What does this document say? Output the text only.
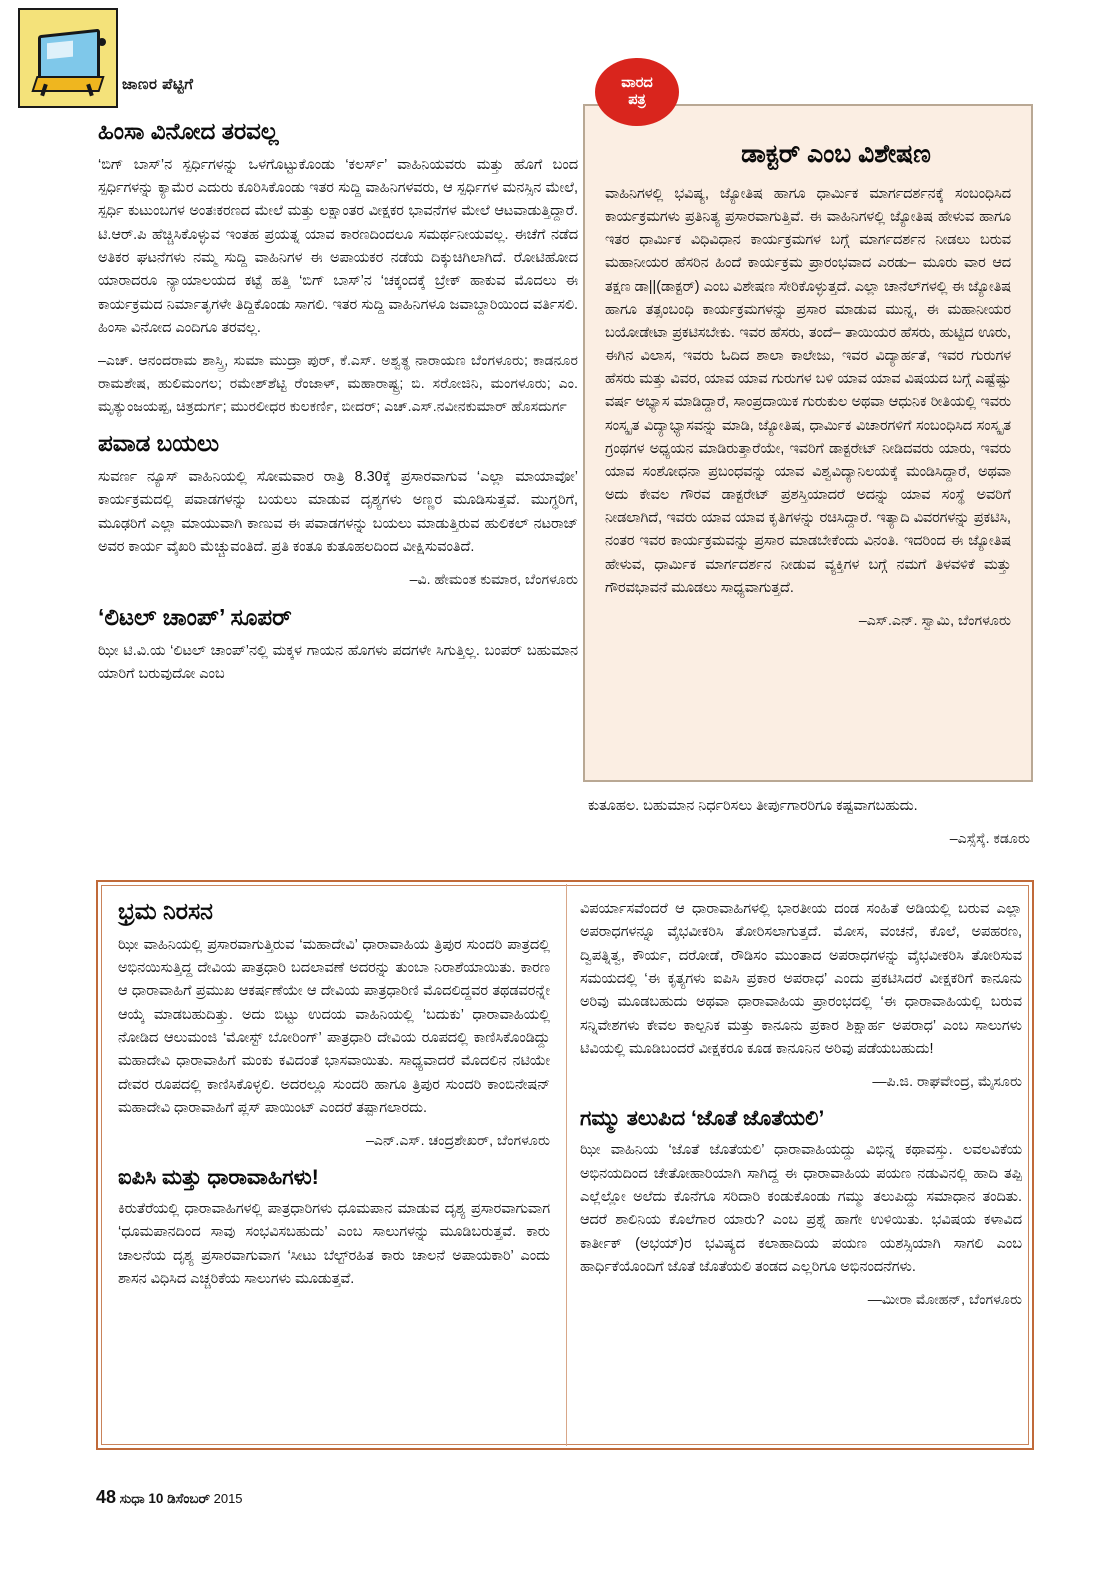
ಜಾಣರ ಪೆಟ್ಟಿಗೆ
ಹಿಂಸಾ ವಿನೋದ ತರವಲ್ಲ

‘ಬಿಗ್ ಬಾಸ್’ನ ಸ್ಪರ್ಧಿಗಳನ್ನು ಒಳಗೊಟ್ಟುಕೊಂಡು ‘ಕಲರ್ಸ್’ ವಾಹಿನಿಯವರು ಮತ್ತು ಹೊಗೆ ಬಂದ ಸ್ಪರ್ಧಿಗಳನ್ನು ಕ್ಯಾಮೆರ ಎದುರು ಕೂರಿಸಿಕೊಂಡು ಇತರ ಸುದ್ದಿ ವಾಹಿನಿಗಳವರು, ಆ ಸ್ಪರ್ಧಿಗಳ ಮನಸ್ಸಿನ ಮೇಲೆ, ಸ್ಪರ್ಧಿ ಕುಟುಂಬಗಳ ಅಂತಃಕರಣದ ಮೇಲೆ ಮತ್ತು ಲಕ್ಷಾಂತರ ವೀಕ್ಷಕರ ಭಾವನೆಗಳ ಮೇಲೆ ಆಟವಾಡುತ್ತಿದ್ದಾರೆ. ಟಿ.ಆರ್.ಪಿ ಹೆಚ್ಚಿಸಿಕೊಳ್ಳುವ ಇಂತಹ ಪ್ರಯತ್ನ ಯಾವ ಕಾರಣದಿಂದಲೂ ಸಮರ್ಥನೀಯವಲ್ಲ. ಈಚೆಗೆ ನಡೆದ ಅತಿಕರ ಘಟನೆಗಳು ನಮ್ಮ ಸುದ್ದಿ ವಾಹಿನಿಗಳ ಈ ಅಪಾಯಕರ ನಡೆಯ ದಿಕ್ಕುಚಿಗಿಲಾಗಿದೆ. ರೋಟಿಹೋದ ಯಾರಾದರೂ ನ್ಯಾಯಾಲಯದ ಕಟ್ಟೆ ಹತ್ತಿ ‘ಬಿಗ್ ಬಾಸ್’ನ ‘ಚಕ್ಕಂದಕ್ಕೆ ಬ್ರೇಕ್ ಹಾಕುವ ಮೊದಲು ಈ ಕಾರ್ಯಕ್ರಮದ ನಿರ್ಮಾತೃಗಳೇ ತಿದ್ದಿಕೊಂಡು ಸಾಗಲಿ. ಇತರ ಸುದ್ದಿ ವಾಹಿನಿಗಳೂ ಜವಾಬ್ದಾರಿಯಿಂದ ವರ್ತಿಸಲಿ. ಹಿಂಸಾ ವಿನೋದ ಎಂದಿಗೂ ತರವಲ್ಲ.

–ಎಚ್. ಆನಂದರಾಮ ಶಾಸ್ತ್ರಿ, ಸುಮಾ ಮುದ್ರಾ ಪುರ್, ಕೆ.ಎಸ್. ಅಶ್ವತ್ಥ ನಾರಾಯಣ ಬೆಂಗಳೂರು; ಕಾಡನೂರ ರಾಮಶೇಷ, ಹುಲಿಮಂಗಲ; ರಮೇಶ್‌ಶೆಟ್ಟಿ ರೆಂಜಾಳ್, ಮಹಾರಾಷ್ಟ್ರ; ಬಿ. ಸರೋಜಿನಿ, ಮಂಗಳೂರು; ಎಂ. ಮೃತ್ಯುಂಜಯಪ್ಪ, ಚಿತ್ರದುರ್ಗ; ಮುರಲೀಧರ ಕುಲಕರ್ಣಿ, ಬೀದರ್; ಎಚ್.ಎಸ್.ನವೀನಕುಮಾರ್ ಹೊಸದುರ್ಗ
ಪವಾಡ ಬಯಲು

ಸುವರ್ಣ ನ್ಯೂಸ್ ವಾಹಿನಿಯಲ್ಲಿ ಸೋಮವಾರ ರಾತ್ರಿ 8.30ಕ್ಕೆ ಪ್ರಸಾರವಾಗುವ ‘ಎಲ್ಲಾ ಮಾಯಾವೋ’ ಕಾರ್ಯಕ್ರಮದಲ್ಲಿ ಪವಾಡಗಳನ್ನು ಬಯಲು ಮಾಡುವ ದೃಶ್ಯಗಳು ಅಣ್ಣರ ಮೂಡಿಸುತ್ತವೆ. ಮುಗ್ಧರಿಗೆ, ಮೂಢರಿಗೆ ಎಲ್ಲಾ ಮಾಯುವಾಗಿ ಕಾಣುವ ಈ ಪವಾಡಗಳನ್ನು ಬಯಲು ಮಾಡುತ್ತಿರುವ ಹುಲಿಕಲ್ ನಟರಾಜ್ ಅವರ ಕಾರ್ಯ ವೈಖರಿ ಮೆಚ್ಚುವಂತಿದೆ. ಪ್ರತಿ ಕಂತೂ ಕುತೂಹಲದಿಂದ ವೀಕ್ಷಿಸುವಂತಿದೆ.

–ವಿ. ಹೇಮಂತ ಕುಮಾರ, ಬೆಂಗಳೂರು
‘ಲಿಟಲ್ ಚಾಂಪ್’ ಸೂಪರ್

ಝೀ ಟಿ.ವಿ.ಯ ‘ಲಿಟಲ್ ಚಾಂಪ್’ನಲ್ಲಿ ಮಕ್ಕಳ ಗಾಯನ ಹೊಗಳು ಪದಗಳೇ ಸಿಗುತ್ತಿಲ್ಲ. ಬಂಪರ್ ಬಹುಮಾನ ಯಾರಿಗೆ ಬರುವುದೋ ಎಂಬ

ಡಾಕ್ಟರ್ ಎಂಬ ವಿಶೇಷಣ

ವಾಹಿನಿಗಳಲ್ಲಿ ಭವಿಷ್ಯ, ಜ್ಯೋತಿಷ ಹಾಗೂ ಧಾರ್ಮಿಕ ಮಾರ್ಗದರ್ಶನಕ್ಕೆ ಸಂಬಂಧಿಸಿದ ಕಾರ್ಯಕ್ರಮಗಳು ಪ್ರತಿನಿತ್ಯ ಪ್ರಸಾರವಾಗುತ್ತಿವೆ. ಈ ವಾಹಿನಿಗಳಲ್ಲಿ ಜ್ಯೋತಿಷ ಹೇಳುವ ಹಾಗೂ ಇತರ ಧಾರ್ಮಿಕ ವಿಧಿವಿಧಾನ ಕಾರ್ಯಕ್ರಮಗಳ ಬಗ್ಗೆ ಮಾರ್ಗದರ್ಶನ ನೀಡಲು ಬರುವ ಮಹಾನೀಯರ ಹೆಸರಿನ ಹಿಂದೆ ಕಾರ್ಯಕ್ರಮ ಪ್ರಾರಂಭವಾದ ಎರಡು– ಮೂರು ವಾರ ಆದ ತಕ್ಷಣ ಡಾ||(ಡಾಕ್ಟರ್) ಎಂಬ ವಿಶೇಷಣ ಸೇರಿಕೊಳ್ಳುತ್ತದೆ. ಎಲ್ಲಾ ಚಾನೆಲ್‌ಗಳಲ್ಲಿ ಈ ಜ್ಯೋತಿಷ ಹಾಗೂ ತತ್ಸಂಬಂಧಿ ಕಾರ್ಯಕ್ರಮಗಳನ್ನು ಪ್ರಸಾರ ಮಾಡುವ ಮುನ್ನ, ಈ ಮಹಾನೀಯರ ಬಯೋಡೇಟಾ ಪ್ರಕಟಿಸಬೇಕು. ಇವರ ಹೆಸರು, ತಂದೆ– ತಾಯಿಯರ ಹೆಸರು, ಹುಟ್ಟಿದ ಊರು, ಈಗಿನ ವಿಲಾಸ, ಇವರು ಓದಿದ ಶಾಲಾ ಕಾಲೇಜು, ಇವರ ವಿದ್ಯಾರ್ಹತೆ, ಇವರ ಗುರುಗಳ ಹೆಸರು ಮತ್ತು ವಿವರ, ಯಾವ ಯಾವ ಗುರುಗಳ ಬಳಿ ಯಾವ ಯಾವ ವಿಷಯದ ಬಗ್ಗೆ ಎಷ್ಟೆಷ್ಟು ವರ್ಷ ಅಭ್ಯಾಸ ಮಾಡಿದ್ದಾರೆ, ಸಾಂಪ್ರದಾಯಿಕ ಗುರುಕುಲ ಅಥವಾ ಆಧುನಿಕ ರೀತಿಯಲ್ಲಿ ಇವರು ಸಂಸ್ಕೃತ ವಿದ್ಯಾಭ್ಯಾಸವನ್ನು ಮಾಡಿ, ಜ್ಯೋತಿಷ, ಧಾರ್ಮಿಕ ವಿಚಾರಗಳಿಗೆ ಸಂಬಂಧಿಸಿದ ಸಂಸ್ಕೃತ ಗ್ರಂಥಗಳ ಅಧ್ಯಯನ ಮಾಡಿರುತ್ತಾರೆಯೇ, ಇವರಿಗೆ ಡಾಕ್ಟರೇಟ್ ನೀಡಿದವರು ಯಾರು, ಇವರು ಯಾವ ಸಂಶೋಧನಾ ಪ್ರಬಂಧವನ್ನು ಯಾವ ವಿಶ್ವವಿದ್ಯಾನಿಲಯಕ್ಕೆ ಮಂಡಿಸಿದ್ದಾರೆ, ಅಥವಾ ಅದು ಕೇವಲ ಗೌರವ ಡಾಕ್ಟರೇಟ್ ಪ್ರಶಸ್ತಿಯಾದರೆ ಅದನ್ನು ಯಾವ ಸಂಸ್ಥೆ ಅವರಿಗೆ ನೀಡಲಾಗಿದೆ, ಇವರು ಯಾವ ಯಾವ ಕೃತಿಗಳನ್ನು ರಚಿಸಿದ್ದಾರೆ. ಇತ್ಯಾದಿ ವಿವರಗಳನ್ನು ಪ್ರಕಟಿಸಿ, ನಂತರ ಇವರ ಕಾರ್ಯಕ್ರಮವನ್ನು ಪ್ರಸಾರ ಮಾಡಬೇಕೆಂದು ವಿನಂತಿ. ಇದರಿಂದ ಈ ಜ್ಯೋತಿಷ ಹೇಳುವ, ಧಾರ್ಮಿಕ ಮಾರ್ಗದರ್ಶನ ನೀಡುವ ವ್ಯಕ್ತಿಗಳ ಬಗ್ಗೆ ನಮಗೆ ತಿಳವಳಿಕೆ ಮತ್ತು ಗೌರವಭಾವನೆ ಮೂಡಲು ಸಾಧ್ಯವಾಗುತ್ತದೆ.

–ಎಸ್.ಎನ್. ಸ್ವಾಮಿ, ಬೆಂಗಳೂರು
ವಾರದ
ಪತ್ರ

ಕುತೂಹಲ. ಬಹುಮಾನ ನಿರ್ಧರಿಸಲು ತೀರ್ಪುಗಾರರಿಗೂ ಕಷ್ಟವಾಗಬಹುದು.

–ಎಸ್ಸೆಸ್ಕೆ. ಕಡೂರು
ಭ್ರಮ ನಿರಸನ

ಝೀ ವಾಹಿನಿಯಲ್ಲಿ ಪ್ರಸಾರವಾಗುತ್ತಿರುವ ‘ಮಹಾದೇವಿ’ ಧಾರಾವಾಹಿಯ ತ್ರಿಪುರ ಸುಂದರಿ ಪಾತ್ರದಲ್ಲಿ ಅಭಿನಯಿಸುತ್ತಿದ್ದ ದೇವಿಯ ಪಾತ್ರಧಾರಿ ಬದಲಾವಣೆ ಅದರನ್ನು ತುಂಬಾ ನಿರಾಶೆಯಾಯಿತು. ಕಾರಣ ಆ ಧಾರಾವಾಹಿಗೆ ಪ್ರಮುಖ ಆಕರ್ಷಣೆಯೇ ಆ ದೇವಿಯ ಪಾತ್ರಧಾರಿಣಿ ಮೊದಲಿದ್ದವರ ತಥಡವರನ್ನೇ ಆಯ್ಕೆ ಮಾಡಬಹುದಿತ್ತು. ಅದು ಬಿಟ್ಟು ಉದಯ ವಾಹಿನಿಯಲ್ಲಿ ‘ಬದುಕು’ ಧಾರಾವಾಹಿಯಲ್ಲಿ ನೋಡಿದ ಆಲುಮಂಜಿ ‘ಮೋಸ್ಟ್ ಬೋರಿಂಗ್’ ಪಾತ್ರಧಾರಿ ದೇವಿಯ ರೂಪದಲ್ಲಿ ಕಾಣಿಸಿಕೊಂಡಿದ್ದು ಮಹಾದೇವಿ ಧಾರಾವಾಹಿಗೆ ಮಂಕು ಕವಿದಂತೆ ಭಾಸವಾಯಿತು. ಸಾಧ್ಯವಾದರೆ ಮೊದಲಿನ ನಟಿಯೇ ದೇವರ ರೂಪದಲ್ಲಿ ಕಾಣಿಸಿಕೊಳ್ಳಲಿ. ಅದರಲ್ಲೂ ಸುಂದರಿ ಹಾಗೂ ತ್ರಿಪುರ ಸುಂದರಿ ಕಾಂಬಿನೇಷನ್ ಮಹಾದೇವಿ ಧಾರಾವಾಹಿಗೆ ಪ್ಲಸ್ ಪಾಯಿಂಟ್ ಎಂದರೆ ತಪ್ಪಾಗಲಾರದು.

–ಎನ್.ಎಸ್. ಚಂದ್ರಶೇಖರ್, ಬೆಂಗಳೂರು
ಐಪಿಸಿ ಮತ್ತು ಧಾರಾವಾಹಿಗಳು!

ಕಿರುತೆರೆಯಲ್ಲಿ ಧಾರಾವಾಹಿಗಳಲ್ಲಿ ಪಾತ್ರಧಾರಿಗಳು ಧೂಮಪಾನ ಮಾಡುವ ದೃಶ್ಯ ಪ್ರಸಾರವಾಗುವಾಗ ‘ಧೂಮಪಾನದಿಂದ ಸಾವು ಸಂಭವಿಸಬಹುದು’ ಎಂಬ ಸಾಲುಗಳನ್ನು ಮೂಡಿಬರುತ್ತವೆ. ಕಾರು ಚಾಲನೆಯ ದೃಶ್ಯ ಪ್ರಸಾರವಾಗುವಾಗ ‘ಸೀಟು ಬೆಲ್ಟ್‌ರಹಿತ ಕಾರು ಚಾಲನೆ ಅಪಾಯಕಾರಿ’ ಎಂದು ಶಾಸನ ವಿಧಿಸಿದ ಎಚ್ಚರಿಕೆಯ ಸಾಲುಗಳು ಮೂಡುತ್ತವೆ.

ವಿಪರ್ಯಾಸವೆಂದರೆ ಆ ಧಾರಾವಾಹಿಗಳಲ್ಲಿ ಭಾರತೀಯ ದಂಡ ಸಂಹಿತೆ ಅಡಿಯಲ್ಲಿ ಬರುವ ಎಲ್ಲಾ ಅಪರಾಧಗಳನ್ನೂ ವೈಭವೀಕರಿಸಿ ತೋರಿಸಲಾಗುತ್ತದೆ. ಮೋಸ, ವಂಚನೆ, ಕೊಲೆ, ಅಪಹರಣ, ದ್ವಿಪತ್ನಿತ್ವ, ಕೌರ್ಯ, ದರೋಡೆ, ರೌಡಿಸಂ ಮುಂತಾದ ಅಪರಾಧಗಳನ್ನು ವೈಭವೀಕರಿಸಿ ತೋರಿಸುವ ಸಮಯದಲ್ಲಿ ‘ಈ ಕೃತ್ಯಗಳು ಐಪಿಸಿ ಪ್ರಕಾರ ಅಪರಾಧ’ ಎಂದು ಪ್ರಕಟಿಸಿದರೆ ವೀಕ್ಷಕರಿಗೆ ಕಾನೂನು ಅರಿವು ಮೂಡಬಹುದು ಅಥವಾ ಧಾರಾವಾಹಿಯ ಪ್ರಾರಂಭದಲ್ಲಿ ‘ಈ ಧಾರಾವಾಹಿಯಲ್ಲಿ ಬರುವ ಸನ್ನಿವೇಶಗಳು ಕೇವಲ ಕಾಲ್ಪನಿಕ ಮತ್ತು ಕಾನೂನು ಪ್ರಕಾರ ಶಿಕ್ಷಾರ್ಹ ಅಪರಾಧ’ ಎಂಬ ಸಾಲುಗಳು ಟಿವಿಯಲ್ಲಿ ಮೂಡಿಬಂದರೆ ವೀಕ್ಷಕರೂ ಕೂಡ ಕಾನೂನಿನ ಅರಿವು ಪಡೆಯಬಹುದು!

—ಪಿ.ಜಿ. ರಾಘವೇಂದ್ರ, ಮೈಸೂರು
ಗಮ್ಮು ತಲುಪಿದ ‘ಜೊತೆ ಜೊತೆಯಲಿ’

ಝೀ ವಾಹಿನಿಯ ‘ಜೊತೆ ಜೊತೆಯಲಿ’ ಧಾರಾವಾಹಿಯದ್ದು ವಿಭಿನ್ನ ಕಥಾವಸ್ತು. ಲವಲವಿಕೆಯ ಅಭಿನಯದಿಂದ ಚೇತೋಹಾರಿಯಾಗಿ ಸಾಗಿದ್ದ ಈ ಧಾರಾವಾಹಿಯ ಪಯಣ ನಡುವಿನಲ್ಲಿ ಹಾದಿ ತಪ್ಪಿ ಎಲ್ಲೆಲ್ಲೋ ಅಲೆದು ಕೊನೆಗೂ ಸರಿದಾರಿ ಕಂಡುಕೊಂಡು ಗಮ್ಮು ತಲುಪಿದ್ದು ಸಮಾಧಾನ ತಂದಿತು. ಆದರೆ ಶಾಲಿನಿಯ ಕೊಲೆಗಾರ ಯಾರು? ಎಂಬ ಪ್ರಶ್ನೆ ಹಾಗೇ ಉಳಿಯಿತು. ಭವಿಷಯ ಕಳಾವಿದ ಕಾರ್ತೀಕ್ (ಅಭಯ್)ರ ಭವಿಷ್ಯದ ಕಲಾಹಾದಿಯ ಪಯಣ ಯಶಸ್ಸಿಯಾಗಿ ಸಾಗಲಿ ಎಂಬ ಹಾರ್ಧಿಕೆಯೊಂದಿಗೆ ಜೊತೆ ಜೊತೆಯಲಿ ತಂಡದ ಎಲ್ಲರಿಗೂ ಅಭಿನಂದನೆಗಳು.

—ಮೀರಾ ಮೋಹನ್, ಬೆಂಗಳೂರು
48 ಸುಧಾ 10 ಡಿಸೆಂಬರ್ 2015
